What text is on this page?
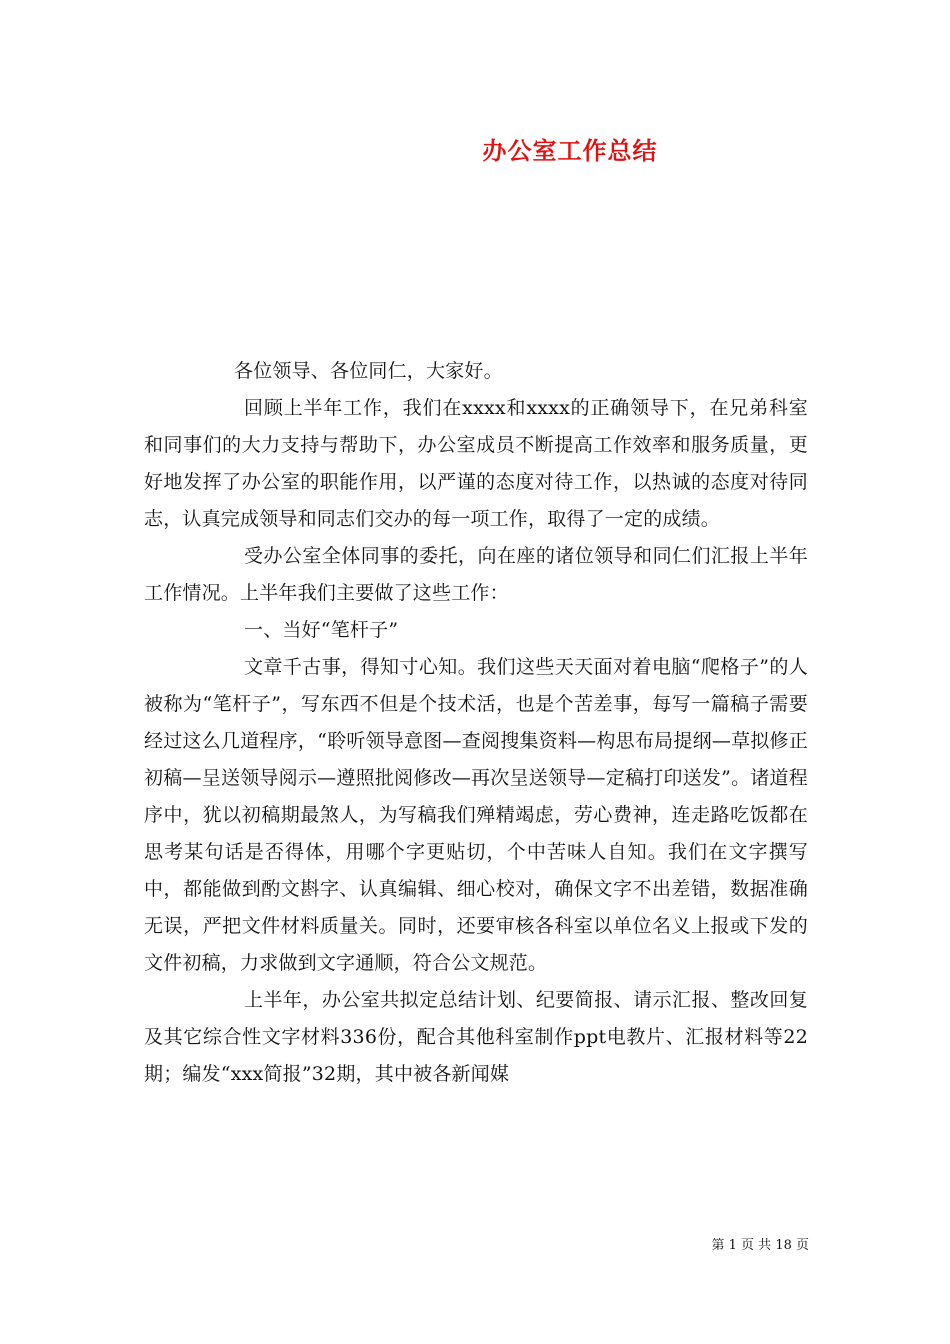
办公室工作总结

各位领导、各位同仁，大家好。

回顾上半年工作，我们在xxxx和xxxx的正确领导下，在兄弟科室和同事们的大力支持与帮助下，办公室成员不断提高工作效率和服务质量，更好地发挥了办公室的职能作用，以严谨的态度对待工作，以热诚的态度对待同志，认真完成领导和同志们交办的每一项工作，取得了一定的成绩。

受办公室全体同事的委托，向在座的诸位领导和同仁们汇报上半年工作情况。上半年我们主要做了这些工作：

一、当好“笔杆子”

文章千古事，得知寸心知。我们这些天天面对着电脑“爬格子”的人被称为“笔杆子”，写东西不但是个技术活，也是个苦差事，每写一篇稿子需要经过这么几道程序，“聆听领导意图—查阅搜集资料—构思布局提纲—草拟修正初稿—呈送领导阅示—遵照批阅修改—再次呈送领导—定稿打印送发”。诸道程序中，犹以初稿期最煞人，为写稿我们殚精竭虑，劳心费神，连走路吃饭都在思考某句话是否得体，用哪个字更贴切，个中苦味人自知。我们在文字撰写中，都能做到酌文斟字、认真编辑、细心校对，确保文字不出差错，数据准确无误，严把文件材料质量关。同时，还要审核各科室以单位名义上报或下发的文件初稿，力求做到文字通顺，符合公文规范。

上半年，办公室共拟定总结计划、纪要简报、请示汇报、整改回复及其它综合性文字材料336份，配合其他科室制作ppt电教片、汇报材料等22期；编发“xxx简报”32期，其中被各新闻媒

第 1 页 共 18 页
